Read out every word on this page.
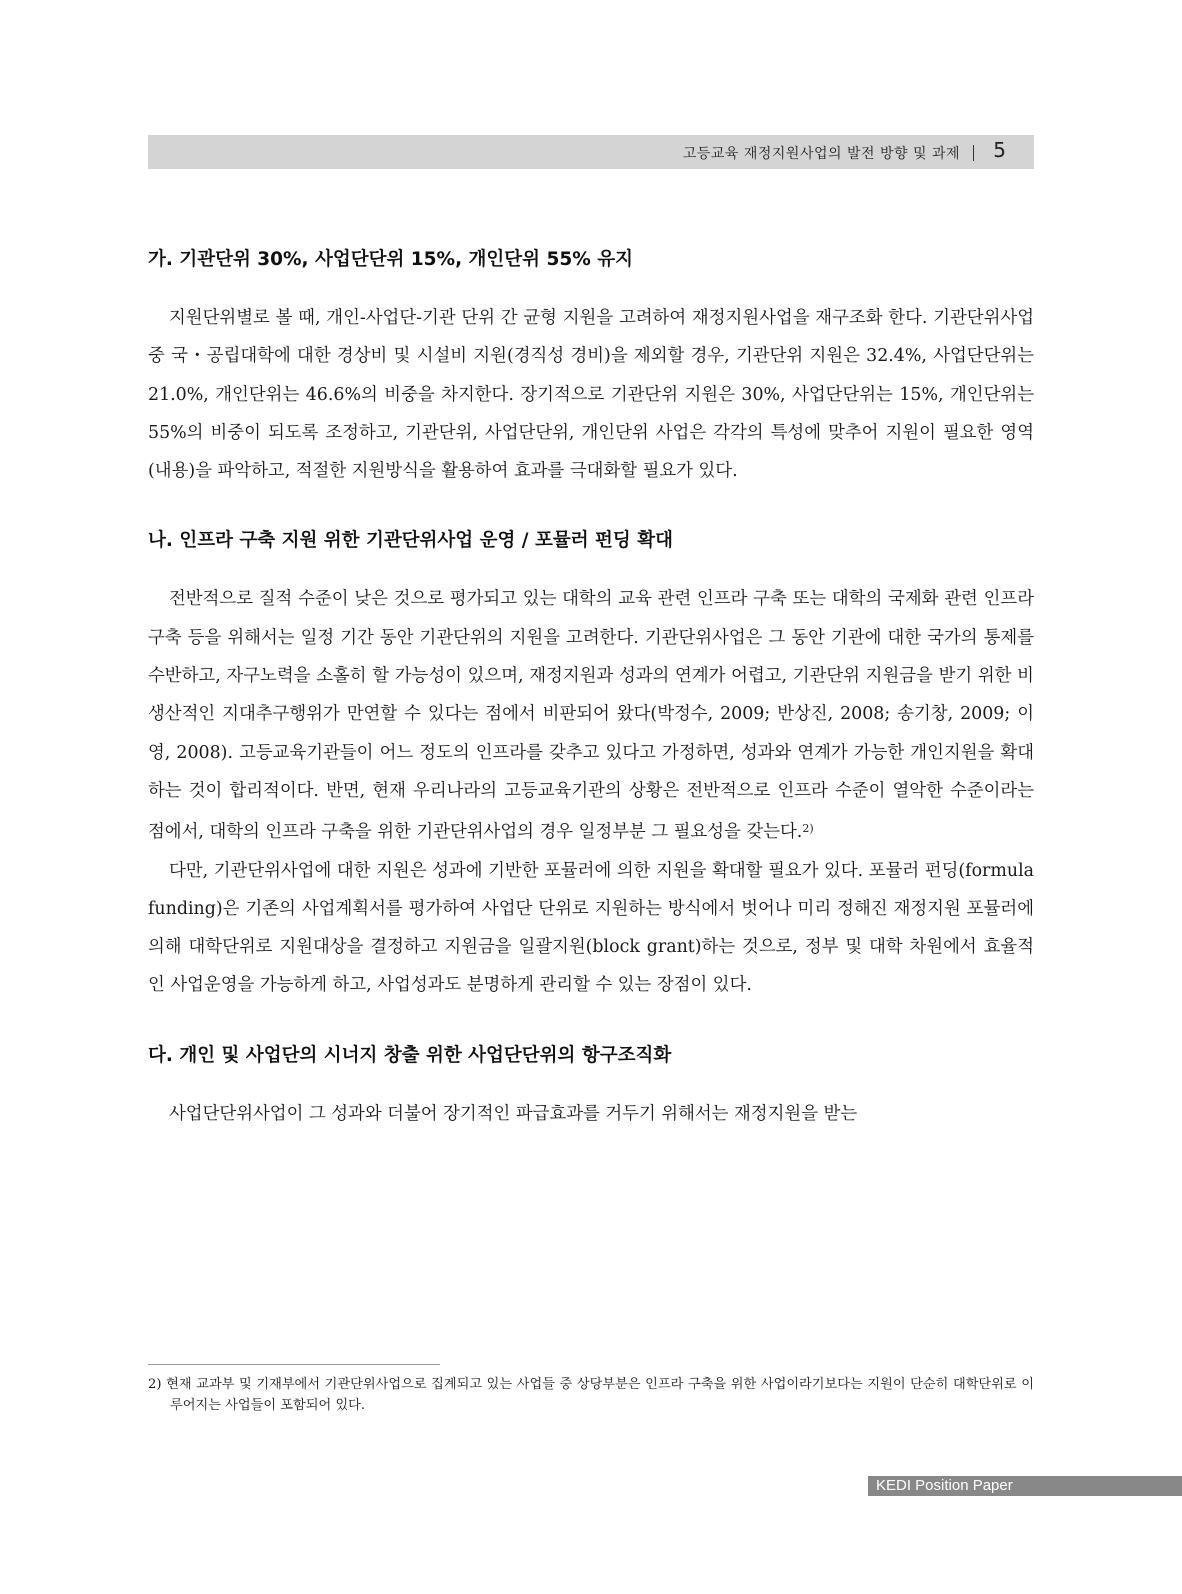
고등교육 재정지원사업의 발전 방향 및 과제 5
가. 기관단위 30%, 사업단단위 15%, 개인단위 55% 유지

지원단위별로 볼 때, 개인-사업단-기관 단위 간 균형 지원을 고려하여 재정지원사업을 재구조화 한다. 기관단위사업 중 국・공립대학에 대한 경상비 및 시설비 지원(경직성 경비)을 제외할 경우, 기관단위 지원은 32.4%, 사업단단위는 21.0%, 개인단위는 46.6%의 비중을 차지한다. 장기적으로 기관단위 지원은 30%, 사업단단위는 15%, 개인단위는 55%의 비중이 되도록 조정하고, 기관단위, 사업단단위, 개인단위 사업은 각각의 특성에 맞추어 지원이 필요한 영역(내용)을 파악하고, 적절한 지원방식을 활용하여 효과를 극대화할 필요가 있다.

나. 인프라 구축 지원 위한 기관단위사업 운영 / 포뮬러 펀딩 확대

전반적으로 질적 수준이 낮은 것으로 평가되고 있는 대학의 교육 관련 인프라 구축 또는 대학의 국제화 관련 인프라 구축 등을 위해서는 일정 기간 동안 기관단위의 지원을 고려한다. 기관단위사업은 그 동안 기관에 대한 국가의 통제를 수반하고, 자구노력을 소홀히 할 가능성이 있으며, 재정지원과 성과의 연계가 어렵고, 기관단위 지원금을 받기 위한 비생산적인 지대추구행위가 만연할 수 있다는 점에서 비판되어 왔다(박정수, 2009; 반상진, 2008; 송기창, 2009; 이영, 2008). 고등교육기관들이 어느 정도의 인프라를 갖추고 있다고 가정하면, 성과와 연계가 가능한 개인지원을 확대하는 것이 합리적이다. 반면, 현재 우리나라의 고등교육기관의 상황은 전반적으로 인프라 수준이 열악한 수준이라는 점에서, 대학의 인프라 구축을 위한 기관단위사업의 경우 일정부분 그 필요성을 갖는다.$^{2)}$

다만, 기관단위사업에 대한 지원은 성과에 기반한 포뮬러에 의한 지원을 확대할 필요가 있다. 포뮬러 펀딩(formula funding)은 기존의 사업계획서를 평가하여 사업단 단위로 지원하는 방식에서 벗어나 미리 정해진 재정지원 포뮬러에 의해 대학단위로 지원대상을 결정하고 지원금을 일괄지원(block grant)하는 것으로, 정부 및 대학 차원에서 효율적인 사업운영을 가능하게 하고, 사업성과도 분명하게 관리할 수 있는 장점이 있다.

다. 개인 및 사업단의 시너지 창출 위한 사업단단위의 항구조직화

사업단단위사업이 그 성과와 더불어 장기적인 파급효과를 거두기 위해서는 재정지원을 받는

2) 현재 교과부 및 기재부에서 기관단위사업으로 집계되고 있는 사업들 중 상당부분은 인프라 구축을 위한 사업이라기보다는 지원이 단순히 대학단위로 이루어지는 사업들이 포함되어 있다.
KEDI Position Paper
